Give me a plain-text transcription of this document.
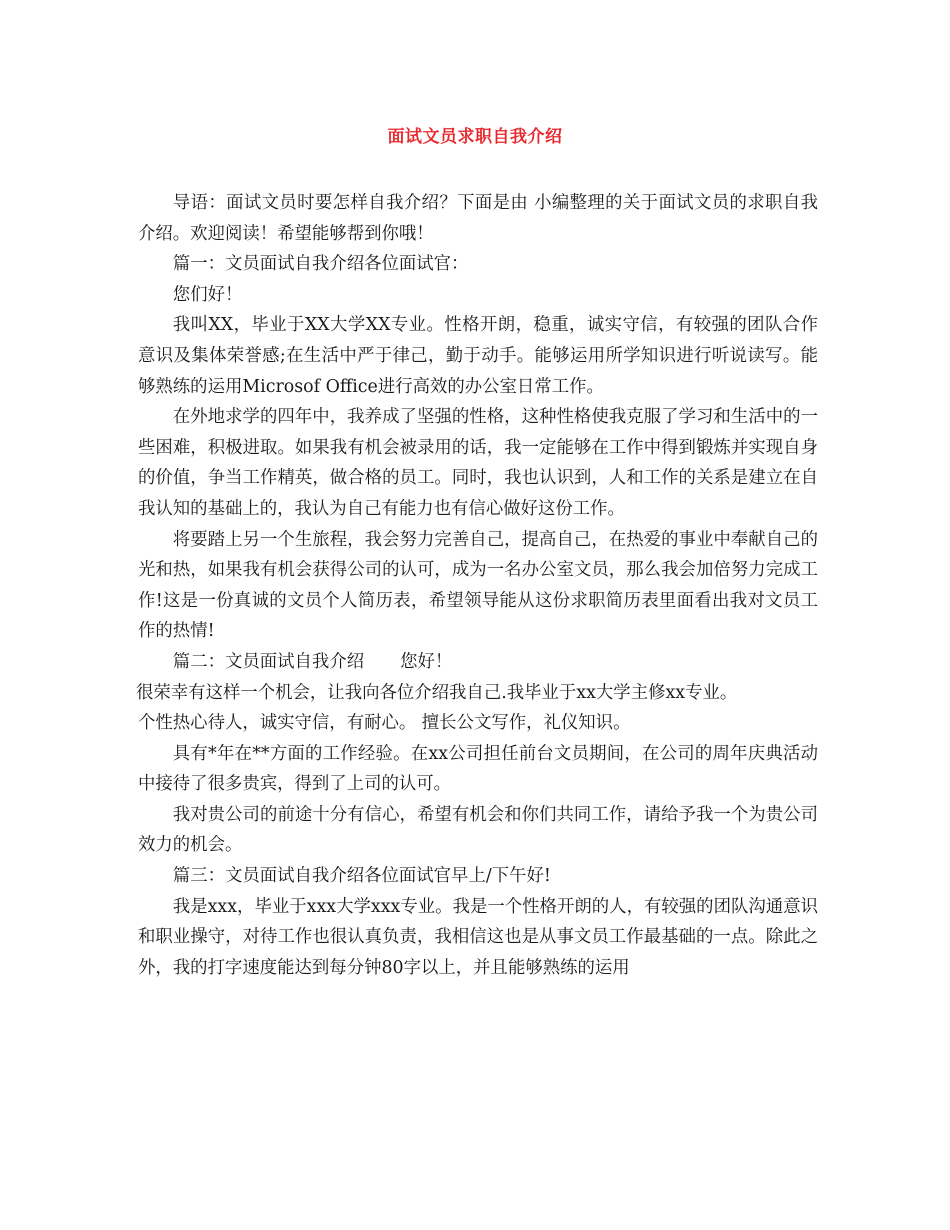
面试文员求职自我介绍

导语：面试文员时要怎样自我介绍？下面是由 小编整理的关于面试文员的求职自我介绍。欢迎阅读！希望能够帮到你哦！

篇一：文员面试自我介绍各位面试官：

您们好！

我叫XX，毕业于XX大学XX专业。性格开朗，稳重，诚实守信，有较强的团队合作意识及集体荣誉感;在生活中严于律己，勤于动手。能够运用所学知识进行听说读写。能够熟练的运用Microsof Office进行高效的办公室日常工作。

在外地求学的四年中，我养成了坚强的性格，这种性格使我克服了学习和生活中的一些困难，积极进取。如果我有机会被录用的话，我一定能够在工作中得到锻炼并实现自身的价值，争当工作精英，做合格的员工。同时，我也认识到，人和工作的关系是建立在自我认知的基础上的，我认为自己有能力也有信心做好这份工作。

将要踏上另一个生旅程，我会努力完善自己，提高自己，在热爱的事业中奉献自己的光和热，如果我有机会获得公司的认可，成为一名办公室文员，那么我会加倍努力完成工作!这是一份真诚的文员个人简历表，希望领导能从这份求职简历表里面看出我对文员工作的热情!

篇二：文员面试自我介绍 您好！

很荣幸有这样一个机会，让我向各位介绍我自己.我毕业于xx大学主修xx专业。

个性热心待人，诚实守信，有耐心。 擅长公文写作，礼仪知识。

具有*年在**方面的工作经验。在xx公司担任前台文员期间，在公司的周年庆典活动中接待了很多贵宾，得到了上司的认可。

我对贵公司的前途十分有信心，希望有机会和你们共同工作，请给予我一个为贵公司效力的机会。

篇三：文员面试自我介绍各位面试官早上/下午好!

我是xxx，毕业于xxx大学xxx专业。我是一个性格开朗的人，有较强的团队沟通意识和职业操守，对待工作也很认真负责，我相信这也是从事文员工作最基础的一点。除此之外，我的打字速度能达到每分钟80字以上，并且能够熟练的运用
